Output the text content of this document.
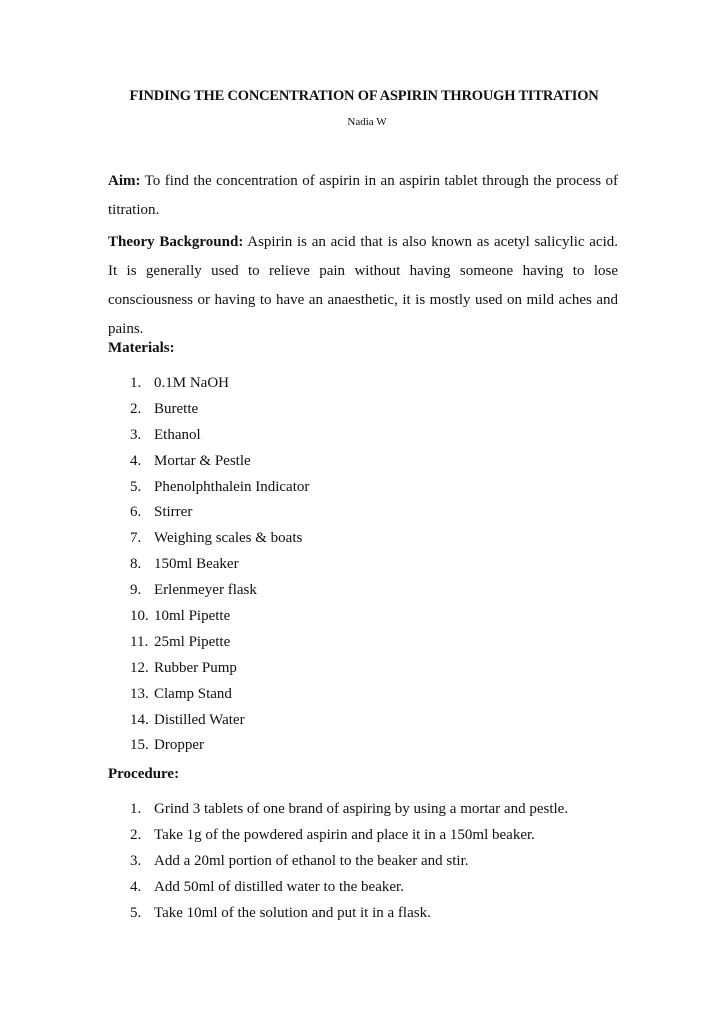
FINDING THE CONCENTRATION OF ASPIRIN THROUGH TITRATION
Nadia W
Aim: To find the concentration of aspirin in an aspirin tablet through the process of titration.
Theory Background: Aspirin is an acid that is also known as acetyl salicylic acid. It is generally used to relieve pain without having someone having to lose consciousness or having to have an anaesthetic, it is mostly used on mild aches and pains.
Materials:
1. 0.1M NaOH
2. Burette
3. Ethanol
4. Mortar & Pestle
5. Phenolphthalein Indicator
6. Stirrer
7. Weighing scales & boats
8. 150ml Beaker
9. Erlenmeyer flask
10. 10ml Pipette
11. 25ml Pipette
12. Rubber Pump
13. Clamp Stand
14. Distilled Water
15. Dropper
Procedure:
1. Grind 3 tablets of one brand of aspiring by using a mortar and pestle.
2. Take 1g of the powdered aspirin and place it in a 150ml beaker.
3. Add a 20ml portion of ethanol to the beaker and stir.
4. Add 50ml of distilled water to the beaker.
5. Take 10ml of the solution and put it in a flask.
